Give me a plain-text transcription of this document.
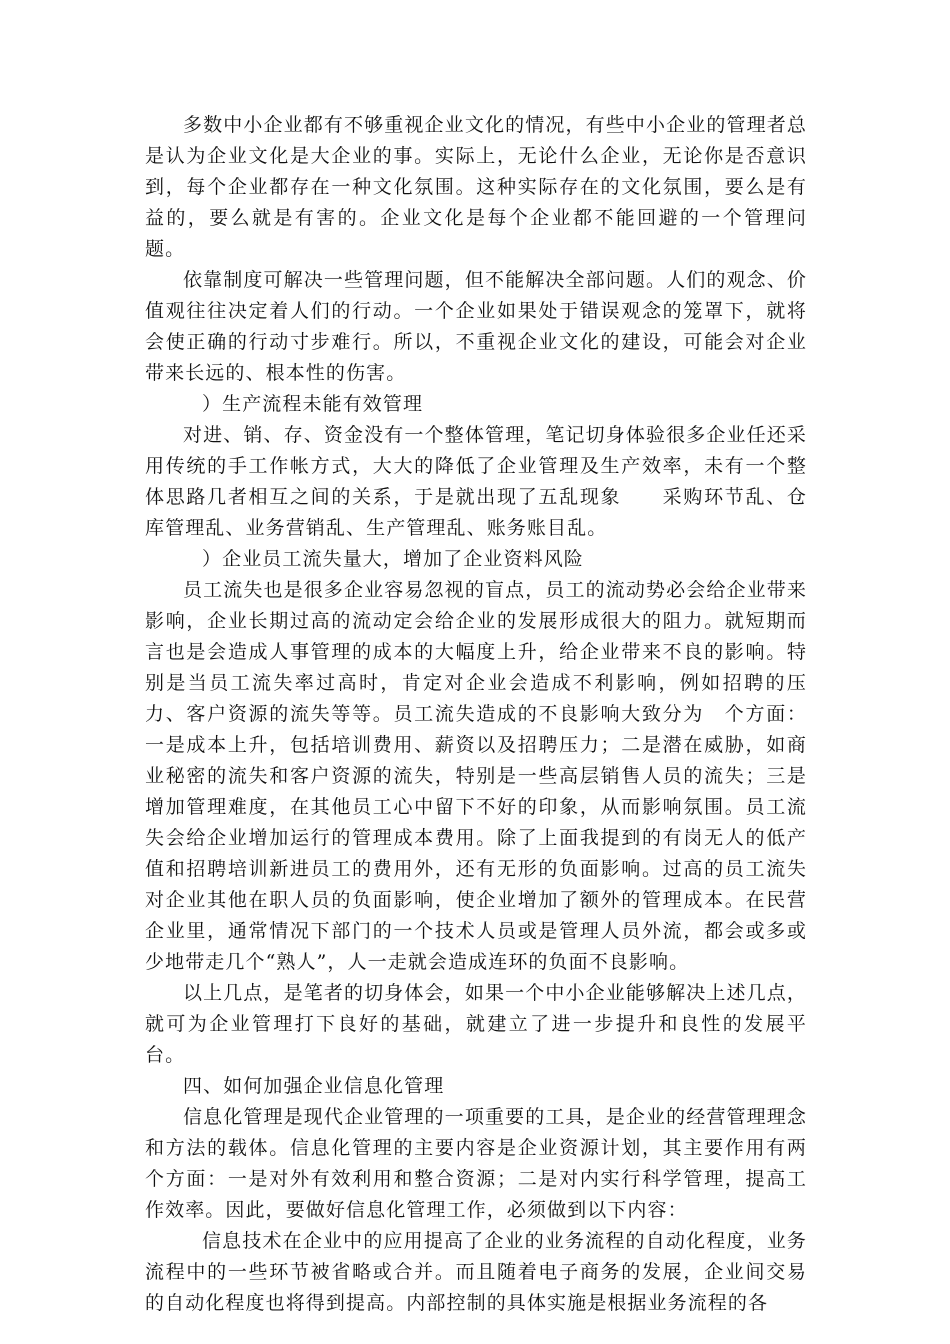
多数中小企业都有不够重视企业文化的情况，有些中小企业的管理者总是认为企业文化是大企业的事。实际上，无论什么企业，无论你是否意识到，每个企业都存在一种文化氛围。这种实际存在的文化氛围，要么是有益的，要么就是有害的。企业文化是每个企业都不能回避的一个管理问题。

依靠制度可解决一些管理问题，但不能解决全部问题。人们的观念、价值观往往决定着人们的行动。一个企业如果处于错误观念的笼罩下，就将会使正确的行动寸步难行。所以，不重视企业文化的建设，可能会对企业带来长远的、根本性的伤害。

）生产流程未能有效管理

对进、销、存、资金没有一个整体管理，笔记切身体验很多企业任还采用传统的手工作帐方式，大大的降低了企业管理及生产效率，未有一个整体思路几者相互之间的关系，于是就出现了五乱现象　　采购环节乱、仓库管理乱、业务营销乱、生产管理乱、账务账目乱。

）企业员工流失量大，增加了企业资料风险

员工流失也是很多企业容易忽视的盲点，员工的流动势必会给企业带来影响，企业长期过高的流动定会给企业的发展形成很大的阻力。就短期而言也是会造成人事管理的成本的大幅度上升，给企业带来不良的影响。特别是当员工流失率过高时，肯定对企业会造成不利影响，例如招聘的压力、客户资源的流失等等。员工流失造成的不良影响大致分为　个方面：一是成本上升，包括培训费用、薪资以及招聘压力；二是潜在威胁，如商业秘密的流失和客户资源的流失，特别是一些高层销售人员的流失；三是增加管理难度，在其他员工心中留下不好的印象，从而影响氛围。员工流失会给企业增加运行的管理成本费用。除了上面我提到的有岗无人的低产值和招聘培训新进员工的费用外，还有无形的负面影响。过高的员工流失对企业其他在职人员的负面影响，使企业增加了额外的管理成本。在民营企业里，通常情况下部门的一个技术人员或是管理人员外流，都会或多或少地带走几个“熟人”，人一走就会造成连环的负面不良影响。

以上几点，是笔者的切身体会，如果一个中小企业能够解决上述几点，就可为企业管理打下良好的基础，就建立了进一步提升和良性的发展平台。

四、如何加强企业信息化管理

信息化管理是现代企业管理的一项重要的工具，是企业的经营管理理念和方法的载体。信息化管理的主要内容是企业资源计划，其主要作用有两个方面：一是对外有效利用和整合资源；二是对内实行科学管理，提高工作效率。因此，要做好信息化管理工作，必须做到以下内容：

信息技术在企业中的应用提高了企业的业务流程的自动化程度，业务流程中的一些环节被省略或合并。而且随着电子商务的发展，企业间交易的自动化程度也将得到提高。内部控制的具体实施是根据业务流程的各
